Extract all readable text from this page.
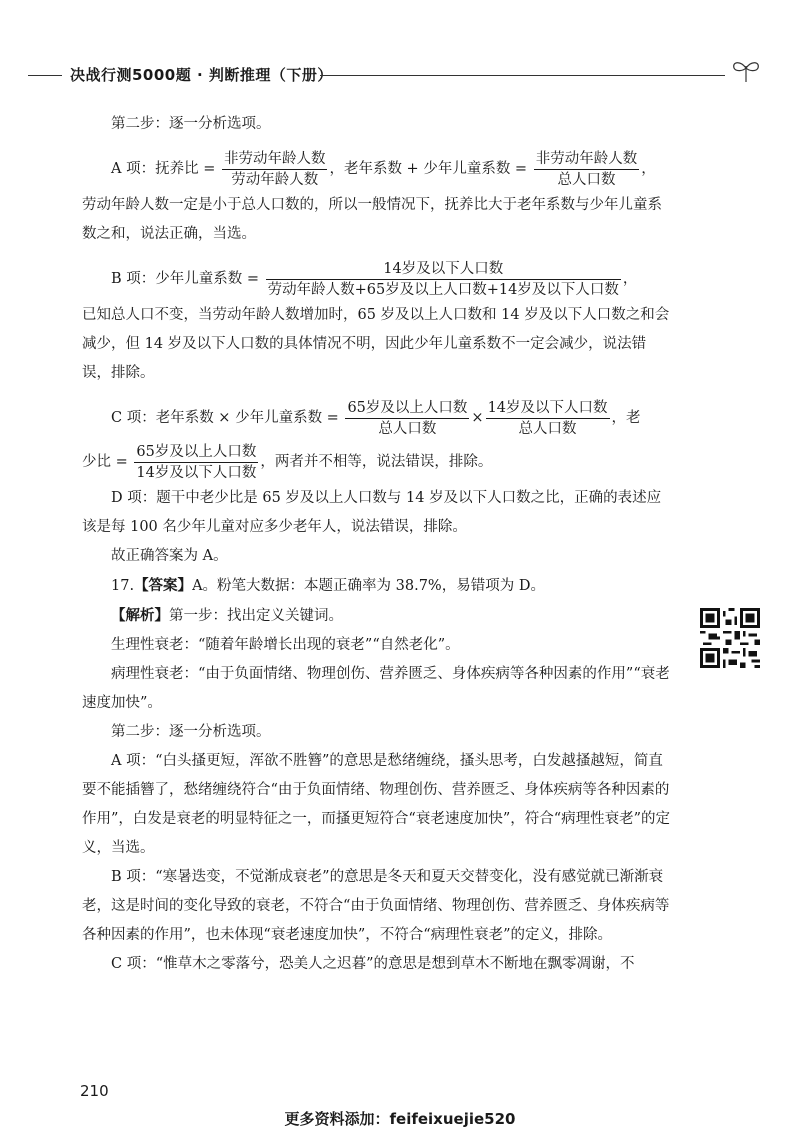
决战行测5000题 · 判断推理（下册）

第二步：逐一分析选项。

A 项：抚养比 = $\frac{\text{非劳动年龄人数}}{\text{劳动年龄人数}}$ ，老年系数 + 少年儿童系数 = $\frac{\text{非劳动年龄人数}}{\text{总人口数}}$ ，

劳动年龄人数一定是小于总人口数的，所以一般情况下，抚养比大于老年系数与少年儿童系数之和，说法正确，当选。

B 项：少年儿童系数 = $\frac{\text{14岁及以下人口数}}{\text{劳动年龄人数+65岁及以上人口数+14岁及以下人口数}}$ ，

已知总人口不变，当劳动年龄人数增加时，65 岁及以上人口数和 14 岁及以下人口数之和会减少，但 14 岁及以下人口数的具体情况不明，因此少年儿童系数不一定会减少，说法错误，排除。

C 项：老年系数 × 少年儿童系数 = $\frac{\text{65岁及以上人口数}}{\text{总人口数}} \times \frac{\text{14岁及以下人口数}}{\text{总人口数}}$ ，老

少比 = $\frac{\text{65岁及以上人口数}}{\text{14岁及以下人口数}}$ ，两者并不相等，说法错误，排除。

D 项：题干中老少比是 65 岁及以上人口数与 14 岁及以下人口数之比，正确的表述应该是每 100 名少年儿童对应多少老年人，说法错误，排除。

故正确答案为 A。

17.【答案】A。粉笔大数据：本题正确率为 38.7%，易错项为 D。

【解析】第一步：找出定义关键词。

生理性衰老：“随着年龄增长出现的衰老”“自然老化”。

病理性衰老：“由于负面情绪、物理创伤、营养匮乏、身体疾病等各种因素的作用”“衰老速度加快”。

第二步：逐一分析选项。

A 项：“白头搔更短，浑欲不胜簪”的意思是愁绪缠绕，搔头思考，白发越搔越短，简直要不能插簪了，愁绪缠绕符合“由于负面情绪、物理创伤、营养匮乏、身体疾病等各种因素的作用”，白发是衰老的明显特征之一，而搔更短符合“衰老速度加快”，符合“病理性衰老”的定义，当选。

B 项：“寒暑迭变，不觉渐成衰老”的意思是冬天和夏天交替变化，没有感觉就已渐渐衰老，这是时间的变化导致的衰老，不符合“由于负面情绪、物理创伤、营养匮乏、身体疾病等各种因素的作用”，也未体现“衰老速度加快”，不符合“病理性衰老”的定义，排除。

C 项：“惟草木之零落兮，恐美人之迟暮”的意思是想到草木不断地在飘零凋谢，不

210
更多资料添加：feifeixuejie520
